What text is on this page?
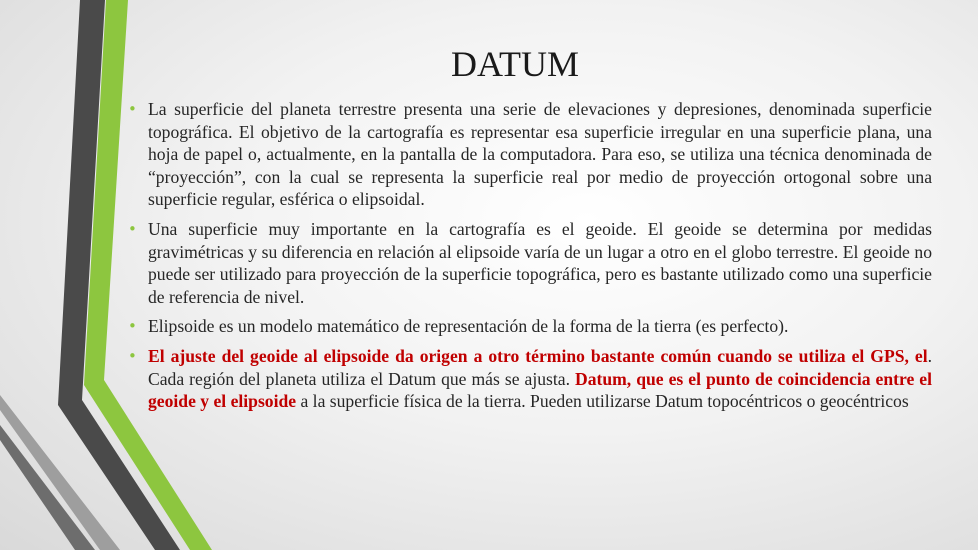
DATUM
• La superficie del planeta terrestre presenta una serie de elevaciones y depresiones, denominada superficie topográfica. El objetivo de la cartografía es representar esa superficie irregular en una superficie plana, una hoja de papel o, actualmente, en la pantalla de la computadora. Para eso, se utiliza una técnica denominada de “proyección”, con la cual se representa la superficie real por medio de proyección ortogonal sobre una superficie regular, esférica o elipsoidal.
• Una superficie muy importante en la cartografía es el geoide. El geoide se determina por medidas gravimétricas y su diferencia en relación al elipsoide varía de un lugar a otro en el globo terrestre. El geoide no puede ser utilizado para proyección de la superficie topográfica, pero es bastante utilizado como una superficie de referencia de nivel.
• Elipsoide es un modelo matemático de representación de la forma de la tierra (es perfecto).
• El ajuste del geoide al elipsoide da origen a otro término bastante común cuando se utiliza el GPS, el. Cada región del planeta utiliza el Datum que más se ajusta. Datum, que es el punto de coincidencia entre el geoide y el elipsoide a la superficie física de la tierra. Pueden utilizarse Datum topocéntricos o geocéntricos
